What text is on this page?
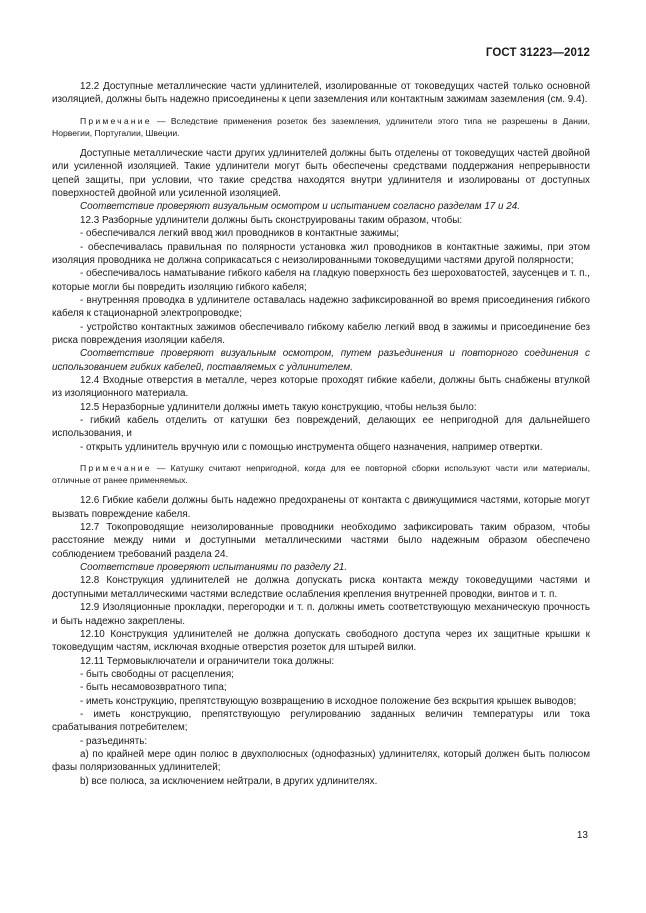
ГОСТ 31223—2012

12.2 Доступные металлические части удлинителей, изолированные от токоведущих частей только основной изоляцией, должны быть надежно присоединены к цепи заземления или контактным зажимам заземления (см. 9.4).

Примечание — Вследствие применения розеток без заземления, удлинители этого типа не разрешены в Дании, Норвегии, Португалии, Швеции.

Доступные металлические части других удлинителей должны быть отделены от токоведущих частей двойной или усиленной изоляцией. Такие удлинители могут быть обеспечены средствами поддержания непрерывности цепей защиты, при условии, что такие средства находятся внутри удлинителя и изолированы от доступных поверхностей двойной или усиленной изоляцией.

Соответствие проверяют визуальным осмотром и испытанием согласно разделам 17 и 24.

12.3 Разборные удлинители должны быть сконструированы таким образом, чтобы:

- обеспечивался легкий ввод жил проводников в контактные зажимы;

- обеспечивалась правильная по полярности установка жил проводников в контактные зажимы, при этом изоляция проводника не должна соприкасаться с неизолированными токоведущими частями другой полярности;

- обеспечивалось наматывание гибкого кабеля на гладкую поверхность без шероховатостей, заусенцев и т. п., которые могли бы повредить изоляцию гибкого кабеля;

- внутренняя проводка в удлинителе оставалась надежно зафиксированной во время присоединения гибкого кабеля к стационарной электропроводке;

- устройство контактных зажимов обеспечивало гибкому кабелю легкий ввод в зажимы и присоединение без риска повреждения изоляции кабеля.

Соответствие проверяют визуальным осмотром, путем разъединения и повторного соединения с использованием гибких кабелей, поставляемых с удлинителем.

12.4 Входные отверстия в металле, через которые проходят гибкие кабели, должны быть снабжены втулкой из изоляционного материала.

12.5 Неразборные удлинители должны иметь такую конструкцию, чтобы нельзя было:

- гибкий кабель отделить от катушки без повреждений, делающих ее непригодной для дальнейшего использования, и

- открыть удлинитель вручную или с помощью инструмента общего назначения, например отвертки.

Примечание — Катушку считают непригодной, когда для ее повторной сборки используют части или материалы, отличные от ранее применяемых.

12.6 Гибкие кабели должны быть надежно предохранены от контакта с движущимися частями, которые могут вызвать повреждение кабеля.

12.7 Токопроводящие неизолированные проводники необходимо зафиксировать таким образом, чтобы расстояние между ними и доступными металлическими частями было надежным образом обеспечено соблюдением требований раздела 24.

Соответствие проверяют испытаниями по разделу 21.

12.8 Конструкция удлинителей не должна допускать риска контакта между токоведущими частями и доступными металлическими частями вследствие ослабления крепления внутренней проводки, винтов и т. п.

12.9 Изоляционные прокладки, перегородки и т. п. должны иметь соответствующую механическую прочность и быть надежно закреплены.

12.10 Конструкция удлинителей не должна допускать свободного доступа через их защитные крышки к токоведущим частям, исключая входные отверстия розеток для штырей вилки.

12.11 Термовыключатели и ограничители тока должны:

- быть свободны от расцепления;

- быть несамовозвратного типа;

- иметь конструкцию, препятствующую возвращению в исходное положение без вскрытия крышек выводов;

- иметь конструкцию, препятствующую регулированию заданных величин температуры или тока срабатывания потребителем;

- разъединять:

a) по крайней мере один полюс в двухполюсных (однофазных) удлинителях, который должен быть полюсом фазы поляризованных удлинителей;

b) все полюса, за исключением нейтрали, в других удлинителях.

13
